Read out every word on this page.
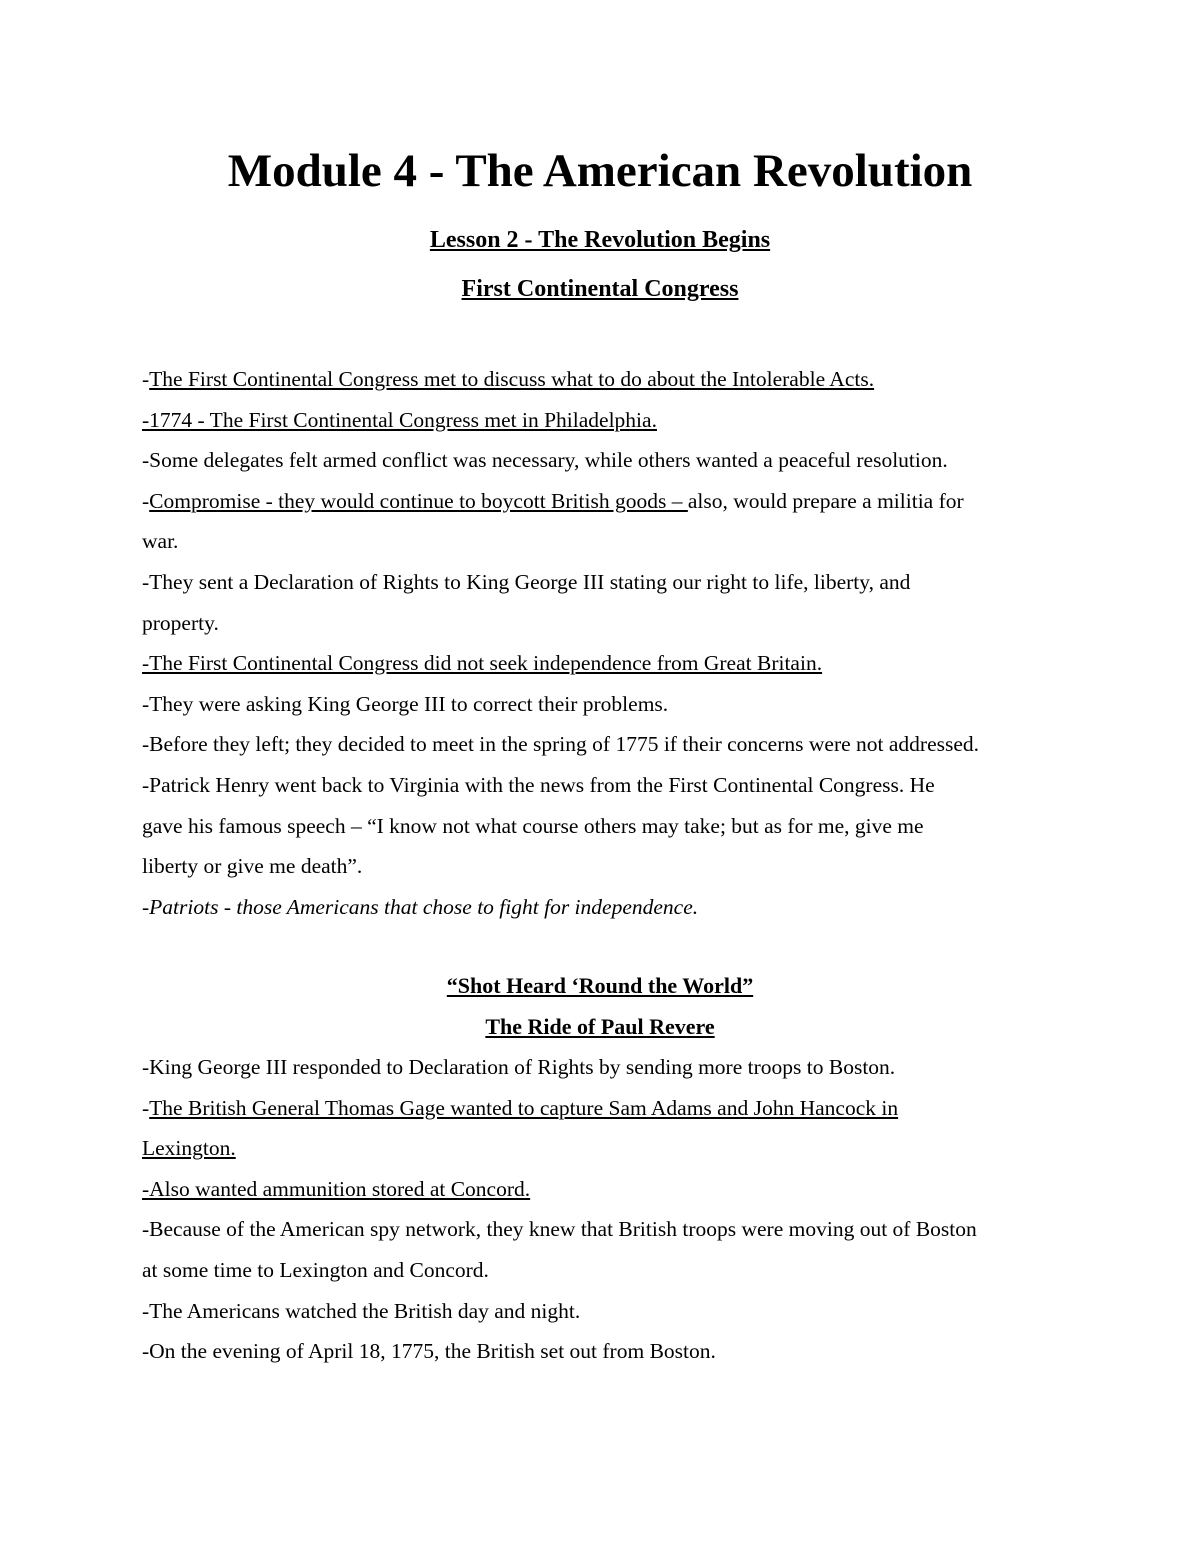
Module 4 - The American Revolution
Lesson 2 - The Revolution Begins
First Continental Congress
-The First Continental Congress met to discuss what to do about the Intolerable Acts.
-1774 - The First Continental Congress met in Philadelphia.
-Some delegates felt armed conflict was necessary, while others wanted a peaceful resolution.
-Compromise - they would continue to boycott British goods – also, would prepare a militia for
war.
-They sent a Declaration of Rights to King George III stating our right to life, liberty, and
property.
-The First Continental Congress did not seek independence from Great Britain.
-They were asking King George III to correct their problems.
-Before they left; they decided to meet in the spring of 1775 if their concerns were not addressed.
-Patrick Henry went back to Virginia with the news from the First Continental Congress. He
gave his famous speech – “I know not what course others may take; but as for me, give me
liberty or give me death”.
-Patriots - those Americans that chose to fight for independence.
“Shot Heard ‘Round the World”
The Ride of Paul Revere
-King George III responded to Declaration of Rights by sending more troops to Boston.
-The British General Thomas Gage wanted to capture Sam Adams and John Hancock in
Lexington.
-Also wanted ammunition stored at Concord.
-Because of the American spy network, they knew that British troops were moving out of Boston
at some time to Lexington and Concord.
-The Americans watched the British day and night.
-On the evening of April 18, 1775, the British set out from Boston.
